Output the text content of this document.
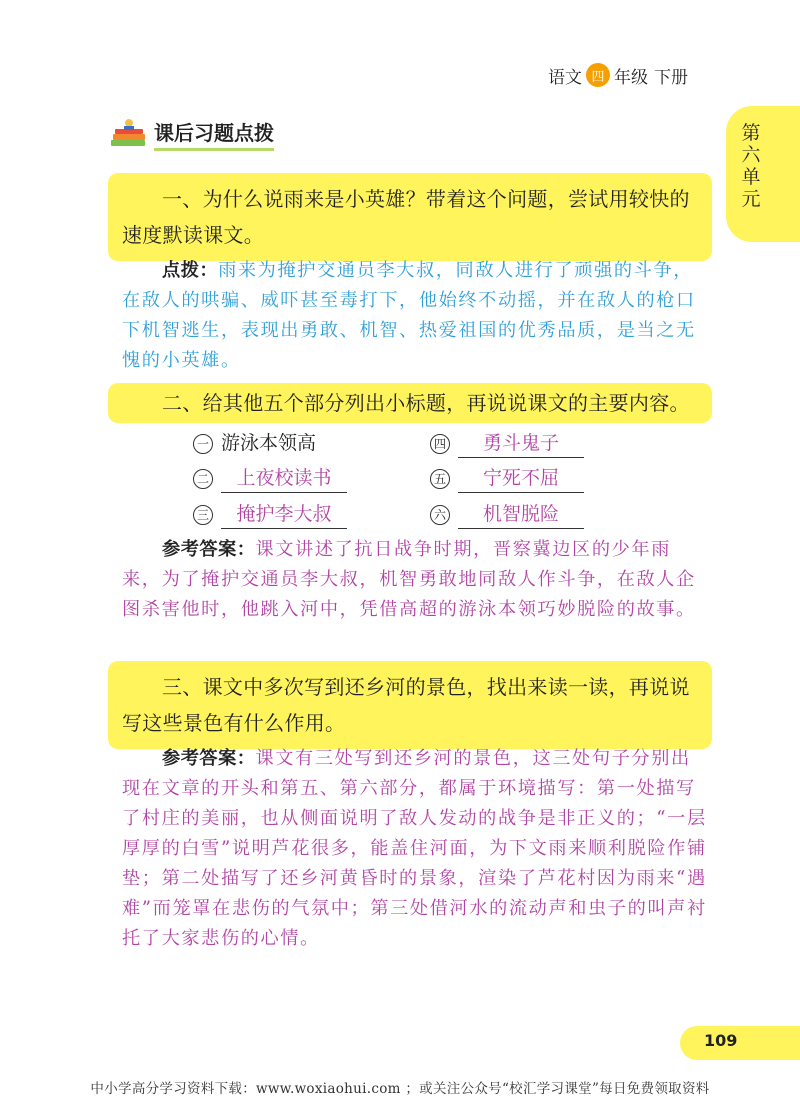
语文 四 年级 下册
第六单元
课后习题点拨

一、为什么说雨来是小英雄？带着这个问题，尝试用较快的速度默读课文。

点拨：雨来为掩护交通员李大叔，同敌人进行了顽强的斗争，在敌人的哄骗、威吓甚至毒打下，他始终不动摇，并在敌人的枪口下机智逃生，表现出勇敢、机智、热爱祖国的优秀品质，是当之无愧的小英雄。

二、给其他五个部分列出小标题，再说说课文的主要内容。

一 游泳本领高
二	上夜校读书
三	掩护李大叔
四	勇斗鬼子
五	宁死不屈
六	机智脱险

参考答案：课文讲述了抗日战争时期，晋察冀边区的少年雨来，为了掩护交通员李大叔，机智勇敢地同敌人作斗争，在敌人企图杀害他时，他跳入河中，凭借高超的游泳本领巧妙脱险的故事。

三、课文中多次写到还乡河的景色，找出来读一读，再说说写这些景色有什么作用。

参考答案：课文有三处写到还乡河的景色，这三处句子分别出现在文章的开头和第五、第六部分，都属于环境描写：第一处描写了村庄的美丽，也从侧面说明了敌人发动的战争是非正义的；“一层厚厚的白雪”说明芦花很多，能盖住河面，为下文雨来顺利脱险作铺垫；第二处描写了还乡河黄昏时的景象，渲染了芦花村因为雨来“遇难”而笼罩在悲伤的气氛中；第三处借河水的流动声和虫子的叫声衬托了大家悲伤的心情。

109
中小学高分学习资料下载：www.woxiaohui.com ；或关注公众号“校汇学习课堂”每日免费领取资料
